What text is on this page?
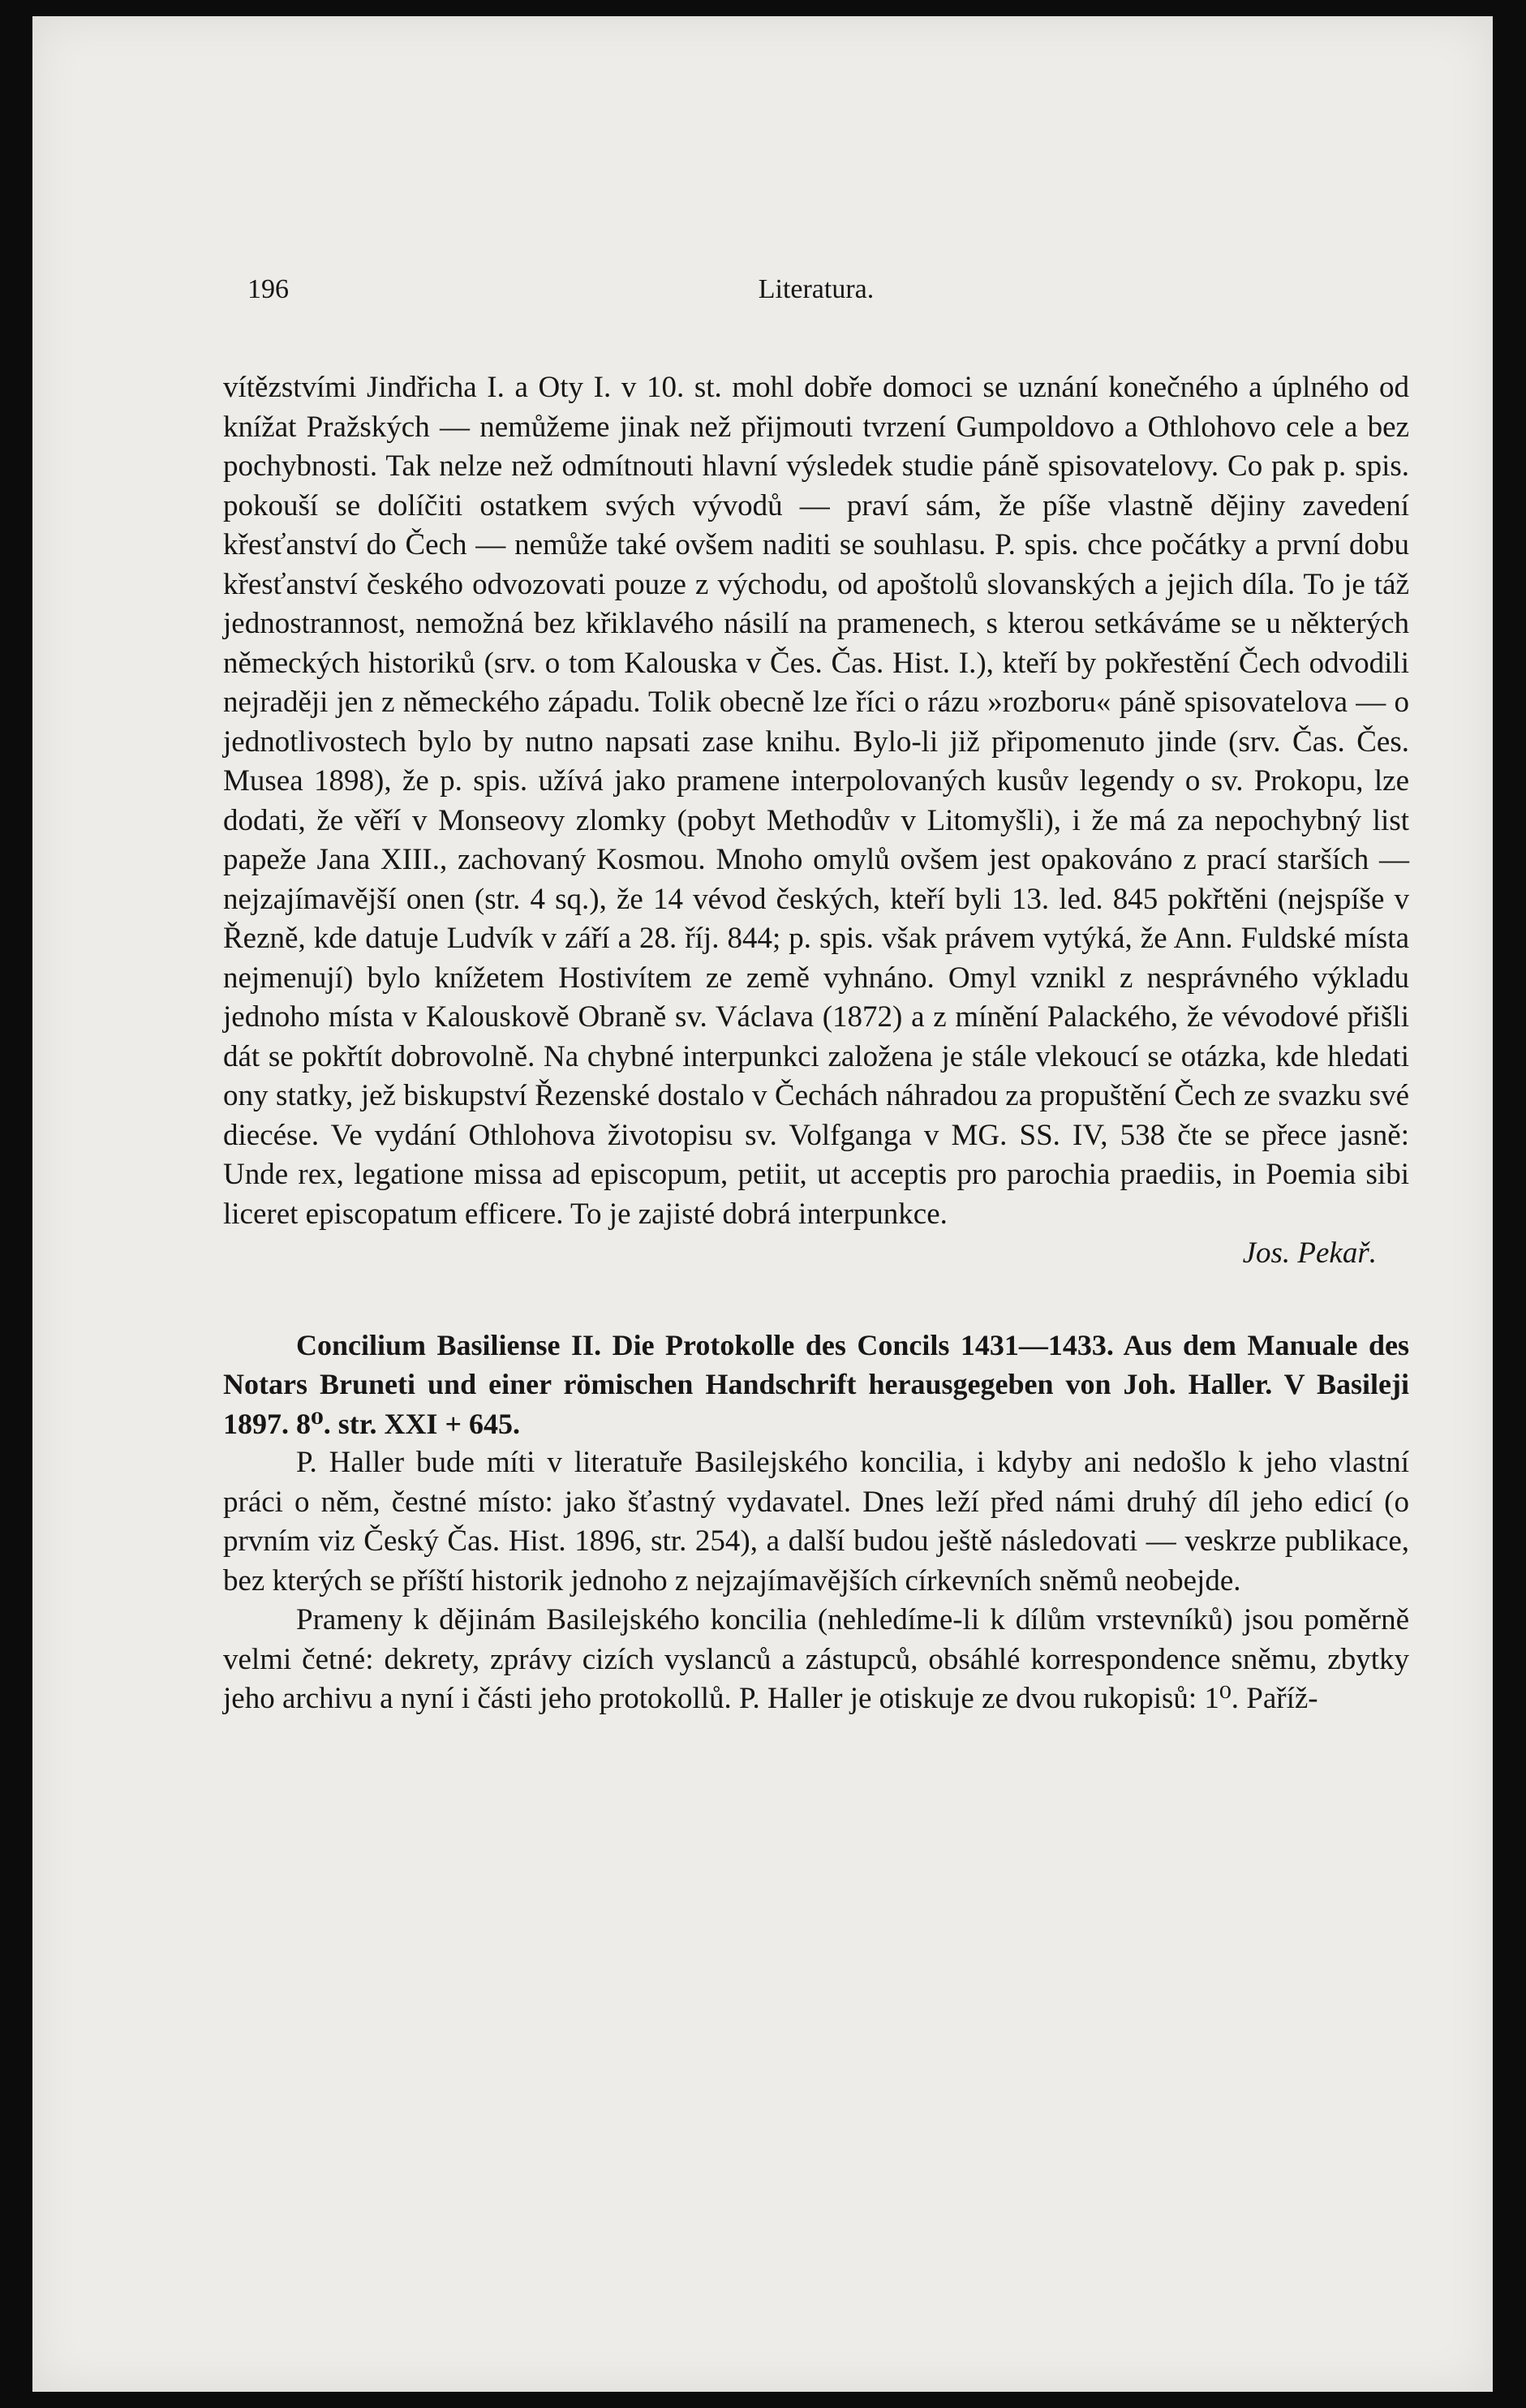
196	Literatura.

vítězstvími Jindřicha I. a Oty I. v 10. st. mohl dobře domoci se uznání konečného a úplného od knížat Pražských — nemůžeme jinak než přijmouti tvrzení Gumpoldovo a Othlohovo cele a bez pochybnosti. Tak nelze než odmítnouti hlavní výsledek studie páně spisovatelovy. Co pak p. spis. pokouší se dolíčiti ostatkem svých vývodů — praví sám, že píše vlastně dějiny zavedení křesťanství do Čech — nemůže také ovšem naditi se souhlasu. P. spis. chce počátky a první dobu křesťanství českého odvozovati pouze z východu, od apoštolů slovanských a jejich díla. To je táž jednostrannost, nemožná bez křiklavého násilí na pramenech, s kterou setkáváme se u některých německých historiků (srv. o tom Kalouska v Čes. Čas. Hist. I.), kteří by pokřestění Čech odvodili nejraději jen z německého západu. Tolik obecně lze říci o rázu »rozboru« páně spisovatelova — o jednotlivostech bylo by nutno napsati zase knihu. Bylo-li již připomenuto jinde (srv. Čas. Čes. Musea 1898), že p. spis. užívá jako pramene interpolovaných kusův legendy o sv. Prokopu, lze dodati, že věří v Monseovy zlomky (pobyt Methodův v Litomyšli), i že má za nepochybný list papeže Jana XIII., zachovaný Kosmou. Mnoho omylů ovšem jest opakováno z prací starších — nejzajímavější onen (str. 4 sq.), že 14 vévod českých, kteří byli 13. led. 845 pokřtěni (nejspíše v Řezně, kde datuje Ludvík v září a 28. říj. 844; p. spis. však právem vytýká, že Ann. Fuldské místa nejmenují) bylo knížetem Hostivítem ze země vyhnáno. Omyl vznikl z nesprávného výkladu jednoho místa v Kalouskově Obraně sv. Václava (1872) a z mínění Palackého, že vévodové přišli dát se pokřtít dobrovolně. Na chybné interpunkci založena je stále vlekoucí se otázka, kde hledati ony statky, jež biskupství Řezenské dostalo v Čechách náhradou za propuštění Čech ze svazku své diecése. Ve vydání Othlohova životopisu sv. Volfganga v MG. SS. IV, 538 čte se přece jasně: Unde rex, legatione missa ad episcopum, petiit, ut acceptis pro parochia praediis, in Poemia sibi liceret episcopatum efficere. To je zajisté dobrá interpunkce.

Jos. Pekař.
Concilium Basiliense II. Die Protokolle des Concils 1431—1433. Aus dem Manuale des Notars Bruneti und einer römischen Handschrift herausgegeben von Joh. Haller. V Basileji 1897. 8⁰. str. XXI + 645.

P. Haller bude míti v literatuře Basilejského koncilia, i kdyby ani nedošlo k jeho vlastní práci o něm, čestné místo: jako šťastný vydavatel. Dnes leží před námi druhý díl jeho edicí (o prvním viz Český Čas. Hist. 1896, str. 254), a další budou ještě následovati — veskrze publikace, bez kterých se příští historik jednoho z nejzajímavějších církevních sněmů neobejde.

Prameny k dějinám Basilejského koncilia (nehledíme-li k dílům vrstevníků) jsou poměrně velmi četné: dekrety, zprávy cizích vyslanců a zástupců, obsáhlé korrespondence sněmu, zbytky jeho archivu a nyní i části jeho protokollů. P. Haller je otiskuje ze dvou rukopisů: 1⁰. Paříž-
